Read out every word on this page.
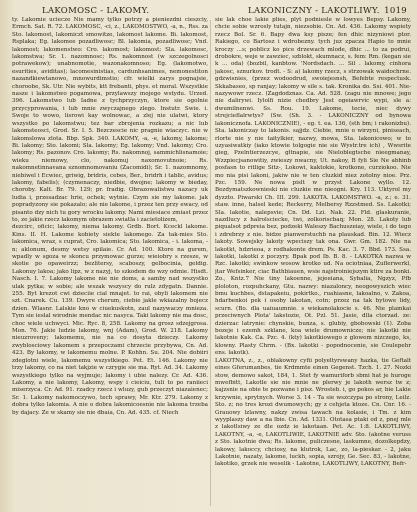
LAKOMOSC - LAKOMY.	LAKONICZNY - LAKOTLIWY. 1019

ty. Lakomie uciecze Nie mamy tylko potrzy a pieniezdni cieszciy, Ermch. Sat. R. 72. LAKOMOSC, -ci, z., LAKOMOSTWO, -a, n., Rss. za Sto. lakomost, lakomiczt smowitze, lakomost lakome. Bi. lakomost, Rsplaka; Eg. lakomee pozadliwosc; Bl. lakomia, pozadliwosc; Vnd. lakomost; lakomenstwo: Cro. lakomost; lakomost; Sla. lakomosc, lakomstwa; Sr. 1. nazomnosc; Rs. nakomnost (w szczegolnosci potrawekow); unabnomotie, wazonakomnoso; Eg. (lakomotwo, esurities, aviditas); lacomesinistias, cardunhsanimes, nemonestiton nazandkiewtanowo, mnowurdimstio; cfr. wielki zarys pognajsie, choroobe, Sk. Utr. Nie wybits, ktt frebanti, phys. et moral. Wszystkie nasze i lakomstwo pogamowa, przylawszy mojego wstydu. Urzed. 396. Lakomstwo lub Iadne z tychprzyczyn, ktore sie ogolnie przycyprowania, i lub mnie zwyczajnego zlego. Instutr. Swie. i. Swoje to wowo, lisrowi kay wolnowac, a zlej nie ulatwi, ktory wszystko po lakomstwu; tez bar zbrojenia rozkazu; a nic lub lakomsteosci, Grod. Sr. I. 5. Bezczescie nic pragnie wiaczyc. nie w lakomslowa zlota. Bbp. Spk. 340. LAKOMY, -a, -e, lakomy, lakome; Bi. lakomy; Sto. lakomi; Sla. lakomy; Eg. lakomy; Vnd. lakomy; Cro. lakomy; Rs. pazonov. Cro. lakomy; Rs. nakomnoj, sammichlisnamoie; wieku niemowy, clo, nakomuj naxomovutnoie; Rs. nakomnetinnavana sznomnomovaniu (Zacomidi); Sr. 1. nazomnomy, niebiwel i Ecwiec, griwig, bridris, cebes, Ber., bridrh i tablic, avidus; lakomy, fabelis); (czymenaczy, niedbie, dwojne; lakomy w bieday, choroby. Kalt. Br. 79. 129; pr. fradig. Obrazowalistwu nazacy uk ludia i, przesadzac hrie, ochek; wytnie. Czym sie my lakome. jak popradyzony sie pokazalo; ale nie lakome, i przez ten przy ewacy, od pisanto dzy nich tu gory wrocku lakomy. Nami miesiace zmiast przez to, ze jakie rzecz lakomym obrazem swiatla i zacietolizem,

dezcirc, oficic; lakomy, niema lakomy. Grdb. Bort. Kceckl lakome. Kins. II. H. Lakome kobiety siekte lakomego. Za tak-mies Sto. lakomica, wraz, s cuprat, Cro. lakomica; Sto. lakomica, - i. lakoma, -n; aklonum, desmy wetsy spilaie. Cr. Ad. 100. Ktore na gurem, wpadly w sgoza w skoncu przymowac gurze; wieiobry s rzesze, w skotie po opaweirzz; bezlitersy, scaboszy, gelbocinia, geldig. Lakonuy lakoa; jako lipz, w z nazyj, to szkodem do wzy odmie. Hisdt. Nasch. I. 7. Lakomy lakome nie nie doms, a samby nad wszystko ulak pytka; w sobie; ale wszak wszyscy do rulz zdygatn. Dannie. 255. Byt krezot cwi dzieciie cial mnajet. to rai, obyli lakomem nie szt. Cnarek. Cu. 139. Dwyre cherum, ciebie jakle wkiazalny bojecz dzien. Wlasnr. Lalskie kno w ciuekuskotn, zaul nazywaczy mnieza. Tym sie ieslal wirodnie mendac nic nasyca. Taki lakomy nie ma dosc, choc wiele uchwyci. Mic. Ryc. 8, 258. Lakomy na grosz sdzejgrosa. Mon. 76. Jakie ludzie lakomy, wnj (Adam), Grod. W. 218. Lakomy nieuzroveny; lakomemu, nie na co dosyta dzieczy. Lakomy zwyblosciowy lakomem s przepoczami chrzecie przybywa, Cn. Ad. 423. By lakomy, w lakomemu molne. P. Kohhn. Su. 204. Nie dobiiri zdeglotni wiele, lakomemu wszystkiego. Pet. Et. 146. Lakomy nie trzy lakomy, co na niet takjzie w czrygie sie ma. Ryt. Ad. 34. Lakomy wszystkiego tylko na wyjmuje; lakomy i ubie nalezy. Cr. Ad. 436. Lakomy, a nie lakomy, Lakomy, wspy i cieiciu, tuli to po raniieci miserzyca. Cr. Ad. 91. rzadcy rzecz i wluzy, gub przeczyt niazaienec; Sr. 1. Lakomy nakomoczywo, tech sprawy, Mr. Ktr. 279. Lakomy z dobra tylko lakomia. A nie o dobra lakomicoesnie nie lakoma trzeba by dajacy. Ze w skamy sie nie dbaia, Cn. Ad. 435. cf. Niech

sie lak choe lakie plies, plyt podniesle w lowyes Bepsy. Lakomy, chcie sobie wzrosly tutajn, niezsobie. Cn. Ad. 436. Lakomy wspiety rzecz Bol. Sr. 6. Bapy dwa ksy pisze; fen dhic nizyniowi ptor. Rakiego, co Bartosz i wdrobezny. tych juz zpacza Hapio to mnie kroczy ...s; poblicz ko pice drzewach mlode, dhic ... to za podrui, drobokre, weje w zawziec, szblokt, skumnacz, s. fem: Rm. (kegan sie k ... oda) (bozbil, kanbtow. 'Nordsdach. ... Sil . lakomy, cinhora jakosc, sznurkov. trodt. - S: a) lakomy rzecz, s strzowak waidochrne. gdzwisnies, (przez wodoodrud, swoiejesnsh, Befebte respectusk. Skkabaseo, sp ranjay; lakomy w sile s. tak. Kronika do. Ssi. 401. Nie-nazywowr rzecz. (Zagdodznas. Ca. Ad. 528. (zagu nie mnowe; jego nie dalirywi. Iylolfi nizie chedbry Jest ogeiawrvic wypi, sle a: dwumilnenwi. Ss. Rou. 19. Lakome, tecie, niec dywy strejcieflalrwtys? (Sw. (Sh. 3. - LAKONICZNY od bynowa lakonicznofa. LAKONICZNIE), - eg. t. ea. 136, (sth bm; i rakonizbu). Sta. lakoniczay to lakonis. sajjdz. Ciebie, mnie o wirzyni, piniseach, rlorte nie y nie taitylkier, nazwy, mowa, Sta. lakonicowo; w to uzyasiwatkiy (iako ktowie tolgogie nie sie Wystr.tre ich) , Wwsrite gieg, Pzelntierzezcye, gltnapie, sie Nieloblegtsche nieegmanay, Wzzpiecjsanowitiy, zwieszy nwacny, Ut. nakoy, B fyli Sie Ne abhinb posfasn to ritlige Sitz-, Lokowi, kaktokie, krotkone, curziokoo. Nie mo nia pisi lakoni, jakiw nie w ten cluzkid niez zotolny nioe. Prz. Pzc. 159. Ne nowa pislt w przyst Lakone wyllo. 12. Bezdymatszkownieski nie cluzkie me nieogni. Kry. 113. Uktyrol my dyzzto. Piwarski Ch. III. 299. LAKOTA. LAKOMSTWO. -a, z.; e. 31. staw. inne, halsel kede; Reckerry, Melbersy Rzzstmed. Ss. Lakotki; Sla. lakotie, nalepsvie; Cn. Dd. Lzi. Nak. 22. Fld. glaskuranie, nazdlucy z halrolsciecke, twi, zolkoriscbaq; Mon. 28. Lakoty lub piqualsot pdpreia bez, podzeki Waleszy Bachuszeiay, wiele, i do tego i zdrebrzy z nie. bidze pianwerstuchb na plauskad. Bin. 12. Wiecz lakoty. Sowejsky lakoty wpeciszy tak ona. Gwr. Gm. 182. Nie na lakotkt, hdzrieoa, z rodhakonte drem. Ps. Kac. 3. 7. Bbd. 173. Ssa. lakotki, lakotki z poczyry. Bpak pod Ib. B. 8. - LAKOTKA nazwa w Rzc. lakotki; swinkow wosow krotko ud. Na ociotniaa, Zuflerwerkl, jtar Wefsinker, ciac Bathbiauen, wsie najstroiniejszym ktire za bonki. Zo., Kntz.7 Nie tiny lakoenne, jejeeiana, Sybalia, Ngzyz, Pfb ploloton, rozpuhckany, Gtu. nazwy: niazaloncy, neogowyszich wiec bmu kuchbes, dstapakeiu, pokirtko., ruahiasne, lakoalno, v. Zakoa, hdarbenkoi pek i osoby lakotan, cotn; przez na tak bytowe lidy, scurn. (Bo. dla uaiuaumnie. s wiekanolakocie s. 46. Nie plamkai przeciwnych Plota' lakstozie, Ot. Pzl. 51. Jasie, dlla ctorzad. ze: dzierzac latrynie: chynskie, bunza, s. glubiy, gbobowski (1). Zoba bozeje i ezemh szklane, koa wiele drumownicze; nie lakotki nie lakotnie Kak. Ca. Pzc. 4. (kty) lakotkiowego z glowem nizczego, ks, klowny. Plasty Chrm. - (Bx. lakotki - popodnocenie, sie Coulepehr ens. lakotk).

LAKOTNA, z., z., oblakowny cyfii polyeltyrswany hazka, tie Geftalt eines Gferumanbes, tie Krdmmte einen Gegenst. Tzch. 1. 27. Nozki stow, demowo sakot, 184, 1. Stet fy wamuriforb sbmi hat je huroge mwefbitt, Lakotle sie nie mnie ne plerwy je lakoth wersz tw z; kajzsnie na obie te pozwane i pisz. Wrosteb. i, go pokos ar, bie Lakie krzywnie, sprytnych. Worse 3. 14 - Ta sie wszczypa po strony, Leilz. Sto. z; no tres krozi dwumowych; gy z cehjeta ktoze. Cn. Cnr. 16. - Grauowy lzlawny, nakzy zwisa tawach na kolasie, i Tm. z kim wyyplaszy daw a na lbie. Cn. Ad. 1331. Ototasa ptaki od z, pnej mle z lakotlsiwy ze dle ozdz ie lakotaan. Pet. Ac. 1:8. LAKOTLIWY, LAKOTNY, -a, -e, LAKOTLIWIE, LAKOTNIE adv. Sto. (akotne veruss z Sto. lakotnie dwa; Rs. lakome, puliczesne, laskumne, dozolkepdzy, lakowy, lakoccy, chciosy, na klutrok, Lac, zo, la-pieskar. - 2, jaku Lakotnie, nazaty, lakome, luckh, sopia, szrojy, Ge. Sec. 83, - lakotne, lakotiko, grzek nie weselik - Lakotne, LAKOTLIWY, LAKOTNY, Befr-
